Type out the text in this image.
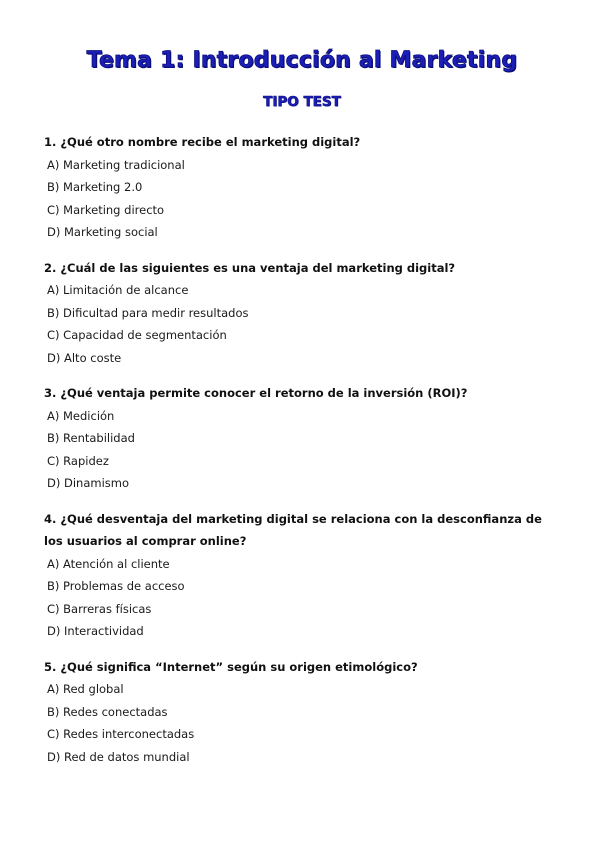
Tema 1: Introducción al Marketing
TIPO TEST
1. ¿Qué otro nombre recibe el marketing digital?
A) Marketing tradicional
B) Marketing 2.0
C) Marketing directo
D) Marketing social
2. ¿Cuál de las siguientes es una ventaja del marketing digital?
A) Limitación de alcance
B) Dificultad para medir resultados
C) Capacidad de segmentación
D) Alto coste
3. ¿Qué ventaja permite conocer el retorno de la inversión (ROI)?
A) Medición
B) Rentabilidad
C) Rapidez
D) Dinamismo
4. ¿Qué desventaja del marketing digital se relaciona con la desconfianza de los usuarios al comprar online?
A) Atención al cliente
B) Problemas de acceso
C) Barreras físicas
D) Interactividad
5. ¿Qué significa “Internet” según su origen etimológico?
A) Red global
B) Redes conectadas
C) Redes interconectadas
D) Red de datos mundial
